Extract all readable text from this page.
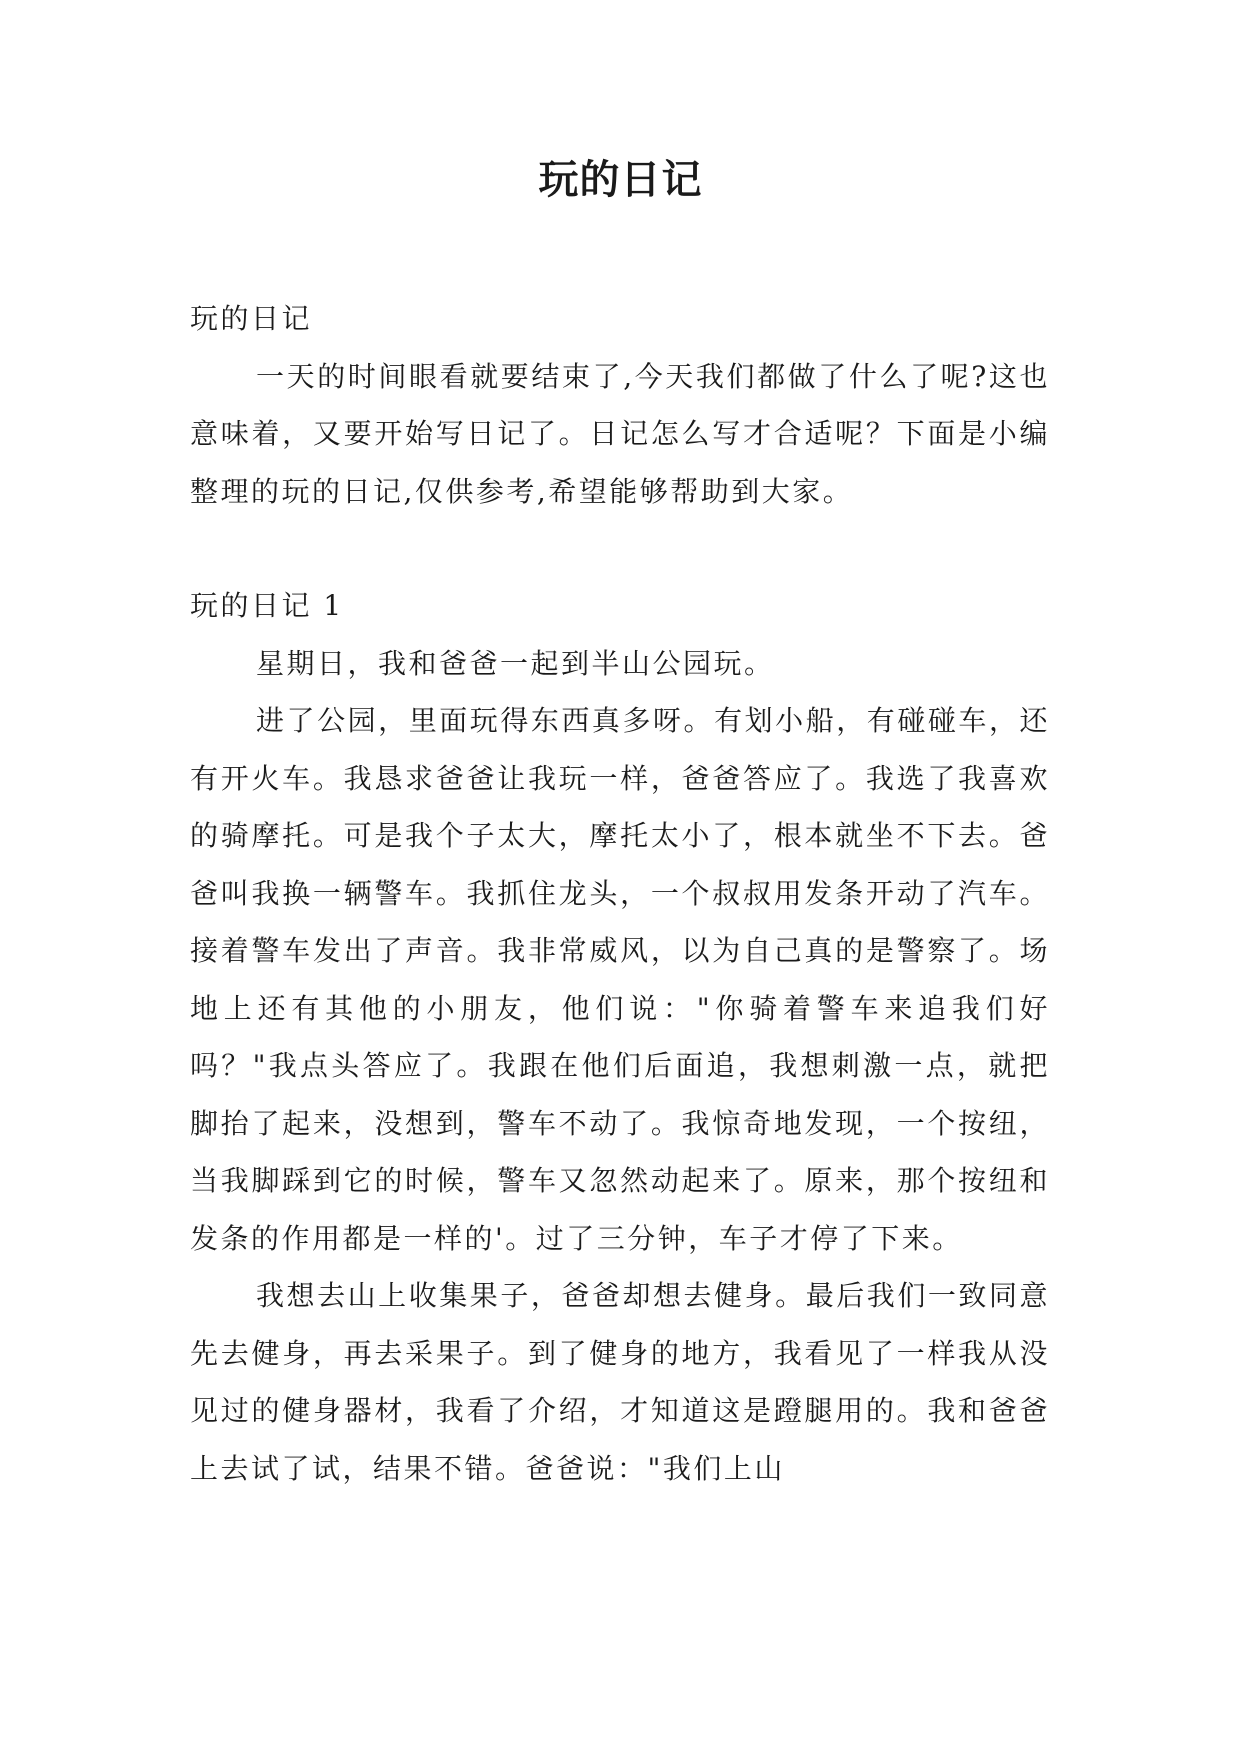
玩的日记

玩的日记

一天的时间眼看就要结束了,今天我们都做了什么了呢?这也意味着，又要开始写日记了。日记怎么写才合适呢？下面是小编整理的玩的日记,仅供参考,希望能够帮助到大家。

玩的日记 1

星期日，我和爸爸一起到半山公园玩。

进了公园，里面玩得东西真多呀。有划小船，有碰碰车，还有开火车。我恳求爸爸让我玩一样，爸爸答应了。我选了我喜欢的骑摩托。可是我个子太大，摩托太小了，根本就坐不下去。爸爸叫我换一辆警车。我抓住龙头，一个叔叔用发条开动了汽车。接着警车发出了声音。我非常威风，以为自己真的是警察了。场地上还有其他的小朋友，他们说："你骑着警车来追我们好吗？"我点头答应了。我跟在他们后面追，我想刺激一点，就把脚抬了起来，没想到，警车不动了。我惊奇地发现，一个按纽，当我脚踩到它的时候，警车又忽然动起来了。原来，那个按纽和发条的作用都是一样的'。过了三分钟，车子才停了下来。

我想去山上收集果子，爸爸却想去健身。最后我们一致同意先去健身，再去采果子。到了健身的地方，我看见了一样我从没见过的健身器材，我看了介绍，才知道这是蹬腿用的。我和爸爸上去试了试，结果不错。爸爸说："我们上山
